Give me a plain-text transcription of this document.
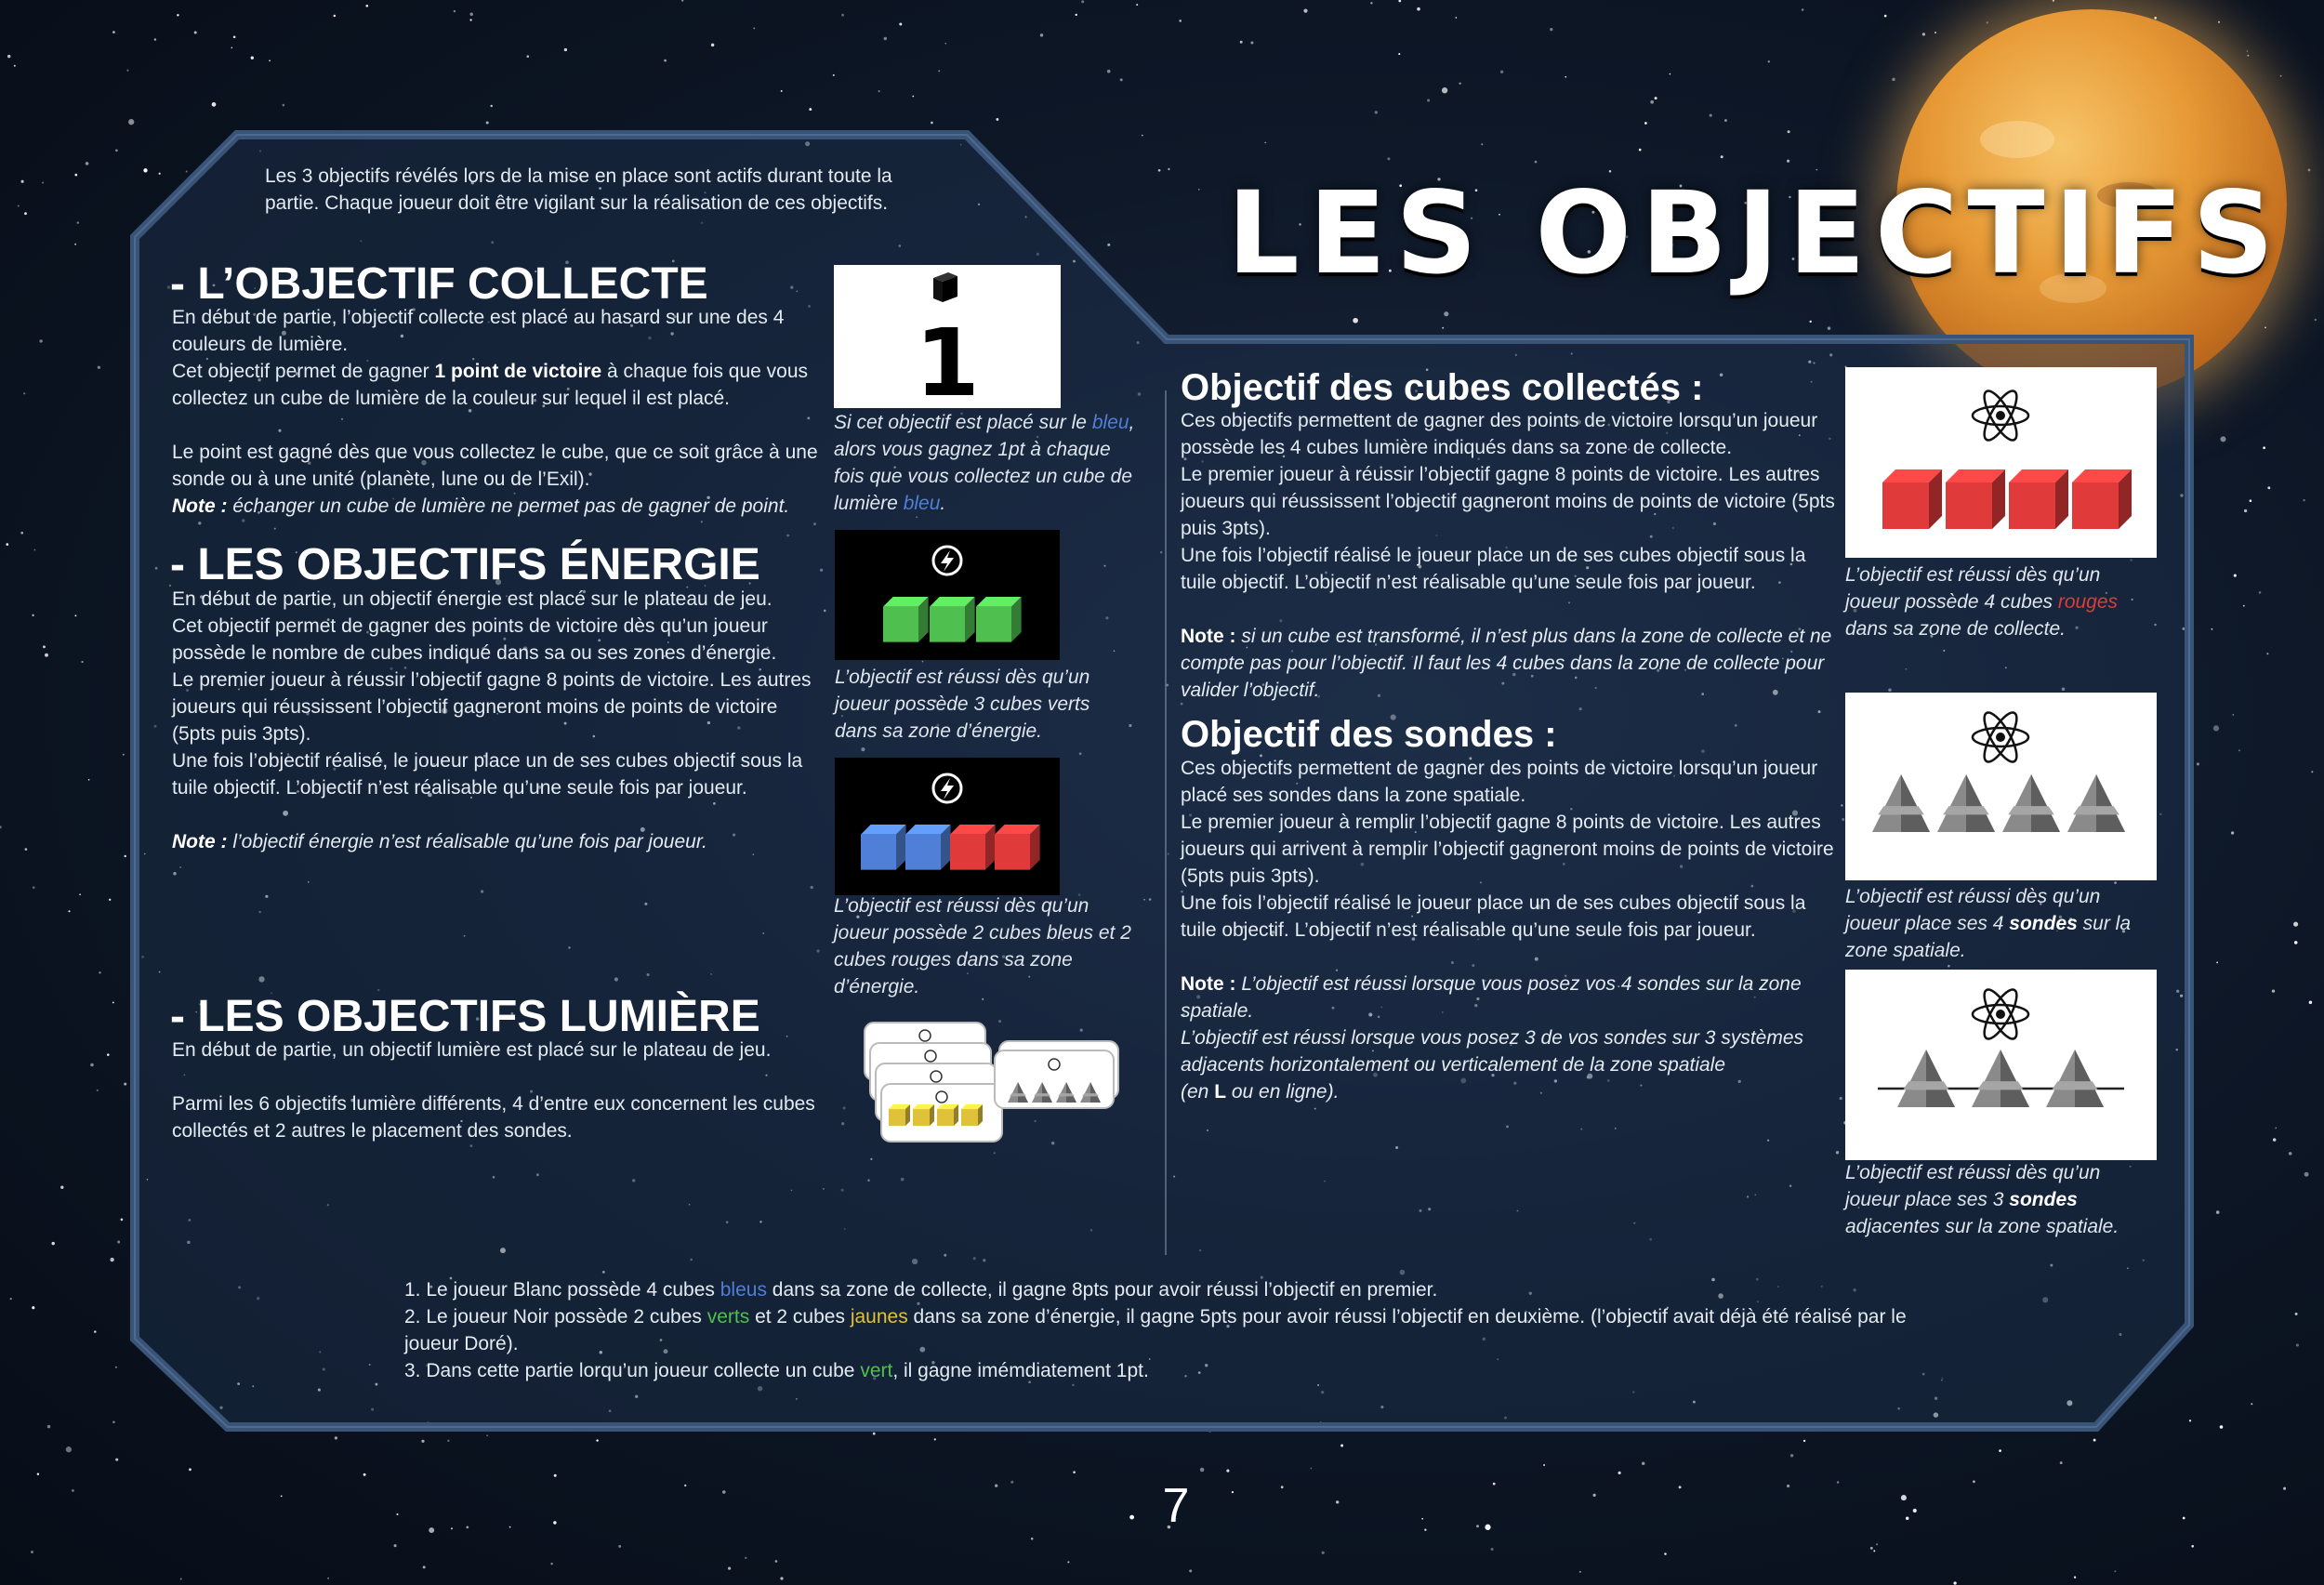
LES OBJECTIFS

Les 3 objectifs révélés lors de la mise en place sont actifs durant toute la partie. Chaque joueur doit être vigilant sur la réalisation de ces objectifs.

- L’OBJECTIF COLLECTE
En début de partie, l’objectif collecte est placé au hasard sur une des 4 couleurs de lumière.
Cet objectif permet de gagner 1 point de victoire à chaque fois que vous collectez un cube de lumière de la couleur sur lequel il est placé.
Le point est gagné dès que vous collectez le cube, que ce soit grâce à une sonde ou à une unité (planète, lune ou de l’Exil).
Note : échanger un cube de lumière ne permet pas de gagner de point.
1

Si cet objectif est placé sur le bleu, alors vous gagnez 1pt à chaque fois que vous collectez un cube de lumière bleu.

- LES OBJECTIFS ÉNERGIE
En début de partie, un objectif énergie est placé sur le plateau de jeu.
Cet objectif permet de gagner des points de victoire dès qu’un joueur possède le nombre de cubes indiqué dans sa ou ses zones d’énergie.
Le premier joueur à réussir l’objectif gagne 8 points de victoire. Les autres joueurs qui réussissent l’objectif gagneront moins de points de victoire (5pts puis 3pts).
Une fois l’objectif réalisé, le joueur place un de ses cubes objectif sous la tuile objectif. L’objectif n’est réalisable qu’une seule fois par joueur.
Note : l’objectif énergie n’est réalisable qu’une fois par joueur.

L’objectif est réussi dès qu’un joueur possède 3 cubes verts dans sa zone d’énergie.

L’objectif est réussi dès qu’un joueur possède 2 cubes bleus et 2 cubes rouges dans sa zone d’énergie.

- LES OBJECTIFS LUMIÈRE
En début de partie, un objectif lumière est placé sur le plateau de jeu.
Parmi les 6 objectifs lumière différents, 4 d’entre eux concernent les cubes collectés et 2 autres le placement des sondes.
Objectif des cubes collectés :
Ces objectifs permettent de gagner des points de victoire lorsqu’un joueur possède les 4 cubes lumière indiqués dans sa zone de collecte.
Le premier joueur à réussir l’objectif gagne 8 points de victoire. Les autres joueurs qui réussissent l’objectif gagneront moins de points de victoire (5pts puis 3pts).
Une fois l’objectif réalisé le joueur place un de ses cubes objectif sous la tuile objectif. L’objectif n’est réalisable qu’une seule fois par joueur.
Note : si un cube est transformé, il n’est plus dans la zone de collecte et ne compte pas pour l’objectif. Il faut les 4 cubes dans la zone de collecte pour valider l’objectif.

L’objectif est réussi dès qu’un joueur possède 4 cubes rouges dans sa zone de collecte.

Objectif des sondes :
Ces objectifs permettent de gagner des points de victoire lorsqu’un joueur placé ses sondes dans la zone spatiale.
Le premier joueur à remplir l’objectif gagne 8 points de victoire. Les autres joueurs qui arrivent à remplir l’objectif gagneront moins de points de victoire (5pts puis 3pts).
Une fois l’objectif réalisé le joueur place un de ses cubes objectif sous la tuile objectif. L’objectif n’est réalisable qu’une seule fois par joueur.
Note : L’objectif est réussi lorsque vous posez vos 4 sondes sur la zone spatiale.
L’objectif est réussi lorsque vous posez 3 de vos sondes sur 3 systèmes adjacents horizontalement ou verticalement de la zone spatiale
(en L ou en ligne).

L’objectif est réussi dès qu’un joueur place ses 4 sondes sur la zone spatiale.

L’objectif est réussi dès qu’un joueur place ses 3 sondes adjacentes sur la zone spatiale.

1. Le joueur Blanc possède 4 cubes bleus dans sa zone de collecte, il gagne 8pts pour avoir réussi l’objectif en premier.
2. Le joueur Noir possède 2 cubes verts et 2 cubes jaunes dans sa zone d’énergie, il gagne 5pts pour avoir réussi l’objectif en deuxième. (l’objectif avait déjà été réalisé par le joueur Doré).
3. Dans cette partie lorqu’un joueur collecte un cube vert, il gagne imémdiatement 1pt.

7
